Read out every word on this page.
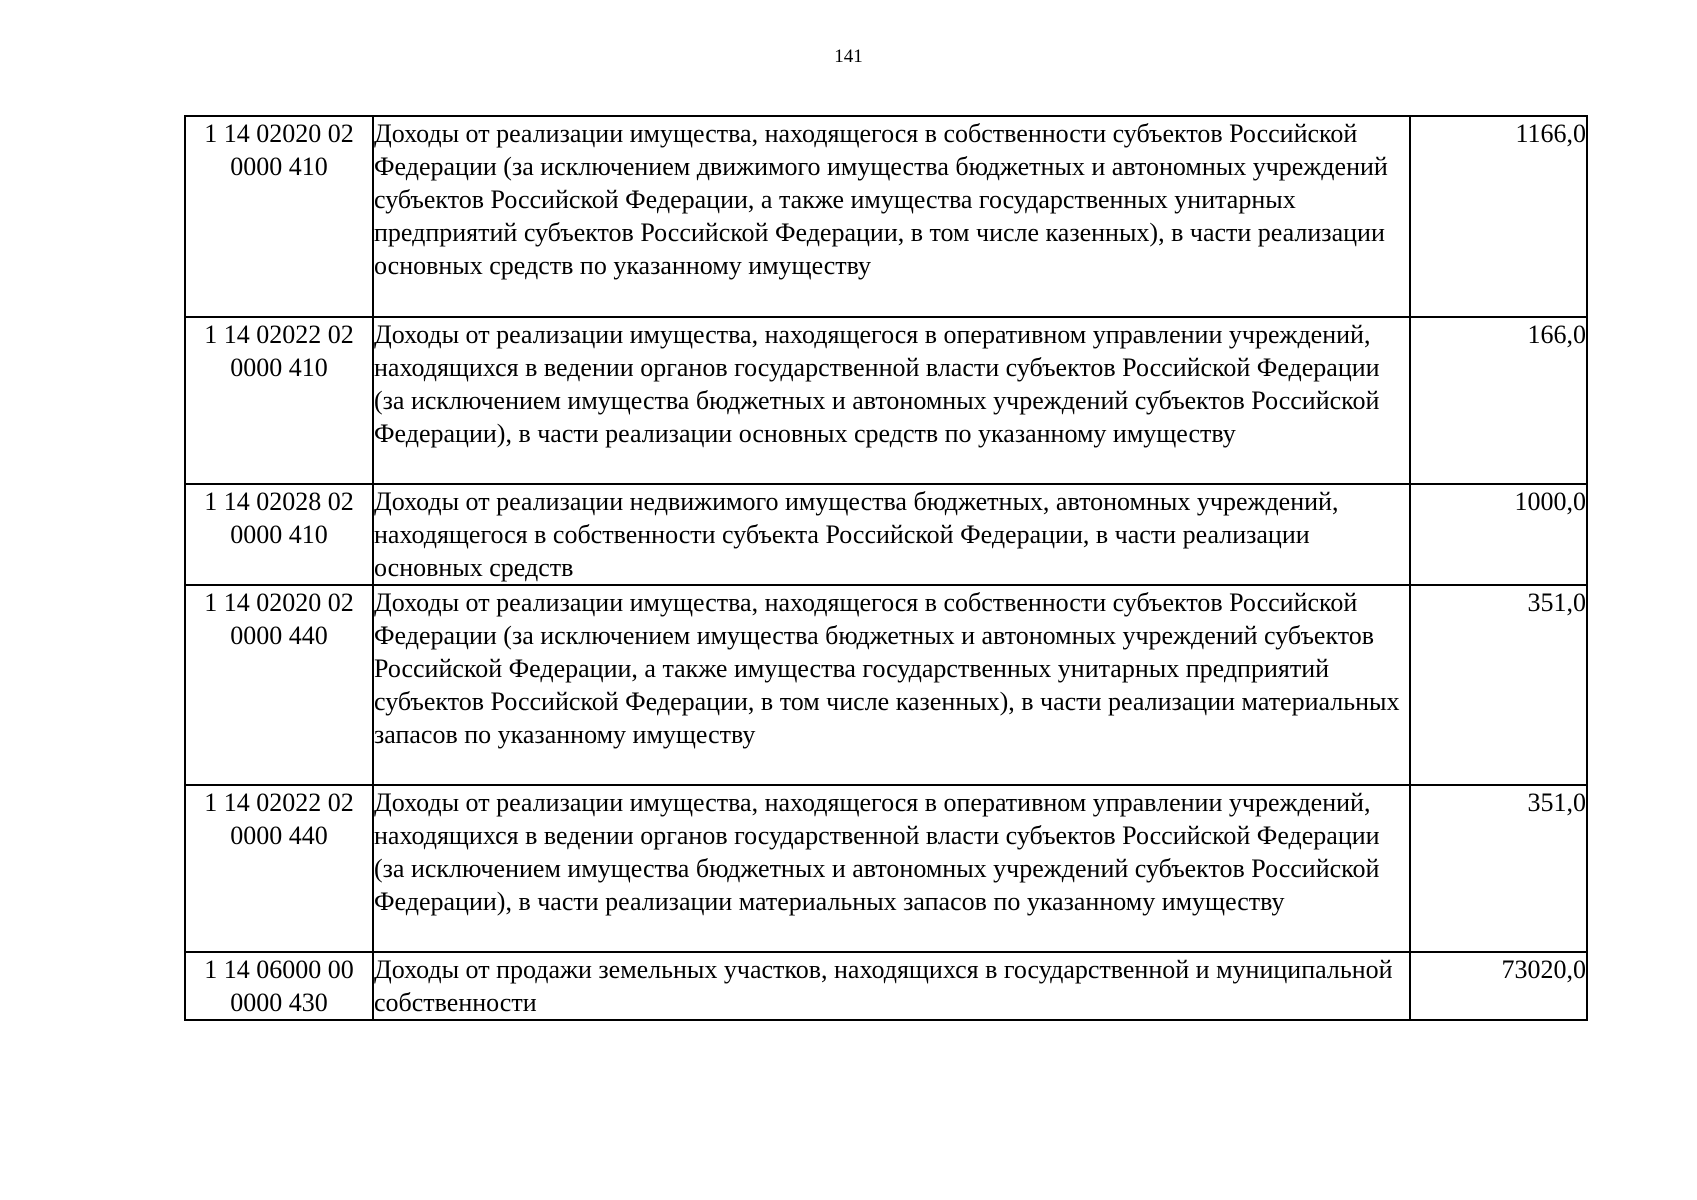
141
1 14 02020 02
0000 410	Доходы от реализации имущества, находящегося в собственности субъектов Российской Федерации (за исключением движимого имущества бюджетных и автономных учреждений субъектов Российской Федерации, а также имущества государственных унитарных предприятий субъектов Российской Федерации, в том числе казенных), в части реализации основных средств по указанному имуществу	1166,0

1 14 02022 02
0000 410	Доходы от реализации имущества, находящегося в оперативном управлении учреждений, находящихся в ведении органов государственной власти субъектов Российской Федерации (за исключением имущества бюджетных и автономных учреждений субъектов Российской Федерации), в части реализации основных средств по указанному имуществу	166,0

1 14 02028 02
0000 410	Доходы от реализации недвижимого имущества бюджетных, автономных учреждений, находящегося в собственности субъекта Российской Федерации, в части реализации основных средств	1000,0

1 14 02020 02
0000 440	Доходы от реализации имущества, находящегося в собственности субъектов Российской Федерации (за исключением имущества бюджетных и автономных учреждений субъектов Российской Федерации, а также имущества государственных унитарных предприятий субъектов Российской Федерации, в том числе казенных), в части реализации материальных запасов по указанному имуществу	351,0

1 14 02022 02
0000 440	Доходы от реализации имущества, находящегося в оперативном управлении учреждений, находящихся в ведении органов государственной власти субъектов Российской Федерации (за исключением имущества бюджетных и автономных учреждений субъектов Российской Федерации), в части реализации материальных запасов по указанному имуществу	351,0

1 14 06000 00
0000 430	Доходы от продажи земельных участков, находящихся в государственной и муниципальной собственности	73020,0
